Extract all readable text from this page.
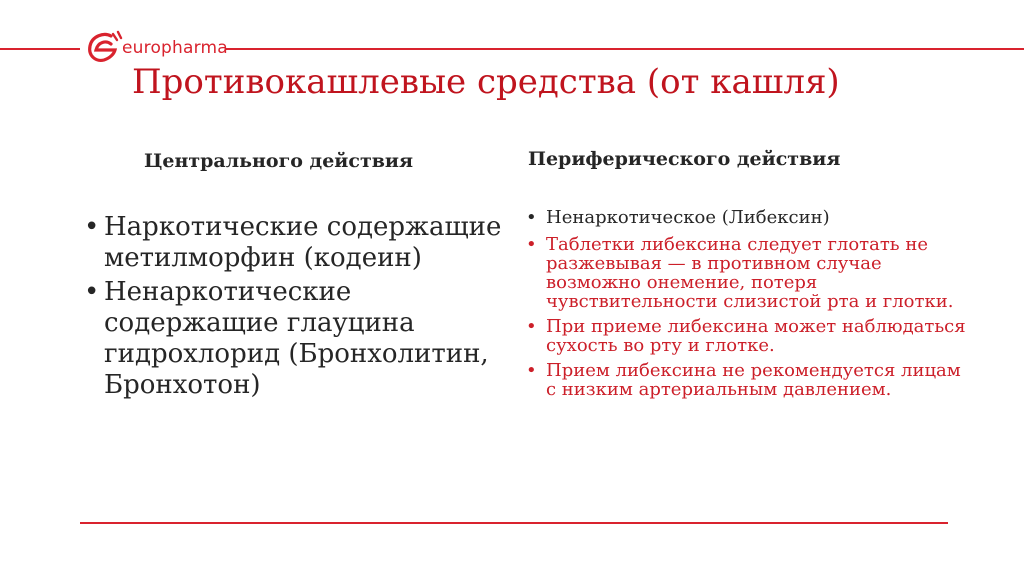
europharma
Противокашлевые средства (от кашля)
Центрального действия	Периферического действия
• Наркотические содержащие метилморфин (кодеин)
• Ненаркотические содержащие глауцина гидрохлорид (Бронхолитин, Бронхотон)
• Ненаркотическое (Либексин)
• Таблетки либексина следует глотать не разжевывая — в противном случае возможно онемение, потеря чувствительности слизистой рта и глотки.
• При приеме либексина может наблюдаться сухость во рту и глотке.
• Прием либексина не рекомендуется лицам с низким артериальным давлением.
